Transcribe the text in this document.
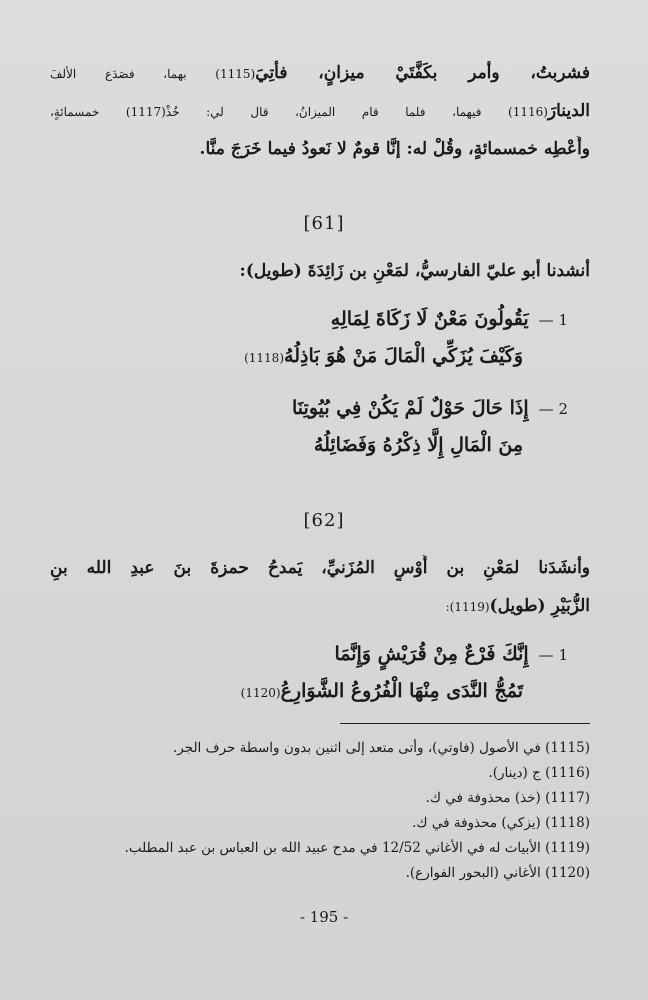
فشربتُ، وأمر بكَفَّتَيْ ميزانٍ، فأُتِيَ(1115) بهما، فصَدَع الألفَ
الدينارَ(1116) فيهما، فلما قام الميزانُ، قال لي: خُذْ(1117) خمسمائةٍ،
وأَعْطِه خمسمائةٍ، وقُلْ له: إنَّا قومٌ لا نَعودُ فيما خَرَجَ منَّا.
[61]
أنشدنا أبو عليّ الفارسيُّ، لمَعْنِ بن زَائِدَةَ (طويل):
1 —يَقُولُونَ مَعْنٌ لَا زَكَاةَ لِمَالِهِ
وَكَيْفَ يُزَكِّي الْمَالَ مَنْ هُوَ بَاذِلُهُ(1118)
2 —إِذَا حَالَ حَوْلٌ لَمْ يَكُنْ فِي بُيُوتِنَا
مِنَ الْمَالِ إِلَّا ذِكْرُهُ وَفَضَائِلُهُ
[62]
وأنشَدَنا لمَعْنِ بن أَوْسٍ المُزَنيِّ، يَمدحُ حمزةَ بنَ عبدِ الله بنِ
الزُّبَيْرِ (طويل)(1119):
1 —إِنَّكَ فَرْعٌ مِنْ قُرَيْشٍ وَإِنَّمَا
تَمُجُّ النَّدَى مِنْهَا الْفُرُوعُ الشَّوَارِعُ(1120)
(1115) في الأصول (فاوتي)، وأتى متعد إلى اثنين بدون واسطة حرف الجر.
(1116) ج (دينار).
(1117) (خذ) محذوفة في ك.
(1118) (يزكي) محذوفة في ك.
(1119) الأبيات له في الأغاني 12/52 في مدح عبيد الله بن العباس بن عبد المطلب.
(1120) الأغاني (البحور الفوارع).
- 195 -
